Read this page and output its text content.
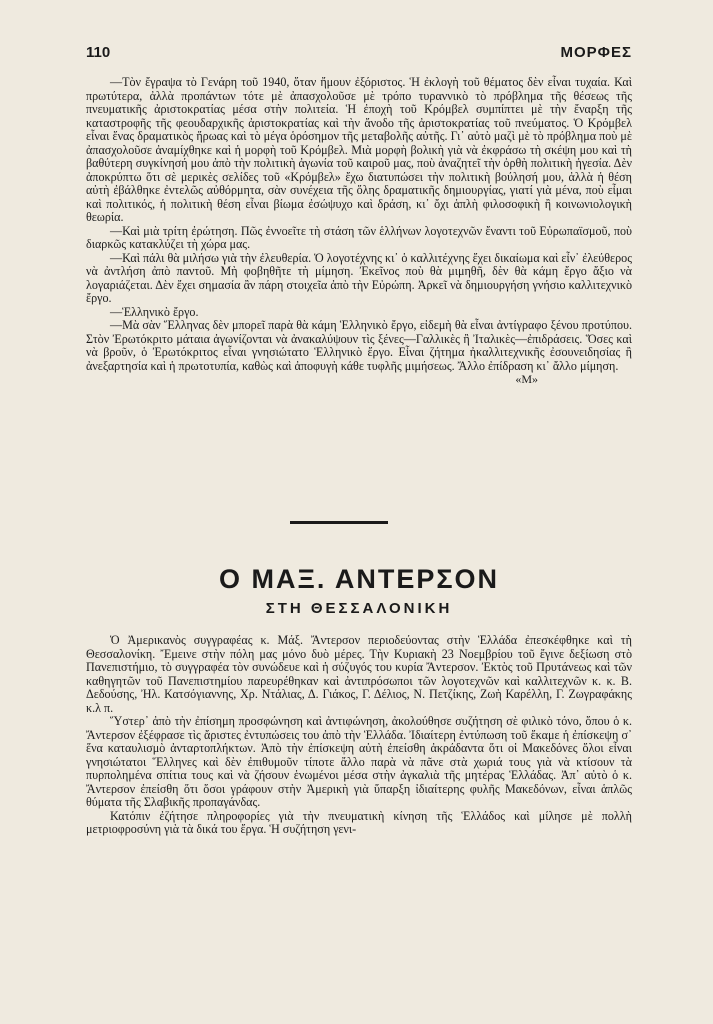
110	ΜΟΡΦΕΣ

—Τὸν ἔγραψα τὸ Γενάρη τοῦ 1940, ὅταν ἤμουν ἐξόριστος. Ἡ ἐκλογὴ τοῦ θέματος δὲν εἶναι τυχαία. Καὶ πρωτύτερα, ἀλλὰ προπάντων τότε μὲ ἀπασχολοῦσε μὲ τρόπο τυραννικὸ τὸ πρόβλημα τῆς θέσεως τῆς πνευματικῆς ἀριστοκρατίας μέσα στὴν πολιτεία. Ἡ ἐποχὴ τοῦ Κρόμβελ συμπίπτει μὲ τὴν ἔναρξη τῆς καταστροφῆς τῆς φεουδαρχικῆς ἀριστοκρατίας καὶ τὴν ἄνοδο τῆς ἀριστοκρατίας τοῦ πνεύματος. Ὁ Κρόμβελ εἶναι ἕνας δραματικὸς ἥρωας καὶ τὸ μέγα ὁρόσημον τῆς μεταβολῆς αὐτῆς. Γι᾿ αὐτὸ μαζὶ μὲ τὸ πρόβλημα ποὺ μὲ ἀπασχολοῦσε ἀναμίχθηκε καὶ ἡ μορφὴ τοῦ Κρόμβελ. Μιὰ μορφὴ βολικὴ γιὰ νὰ ἐκφράσω τὴ σκέψη μου καὶ τὴ βαθύτερη συγκίνησή μου ἀπὸ τὴν πολιτικὴ ἀγωνία τοῦ καιροῦ μας, ποὺ ἀναζητεῖ τὴν ὀρθὴ πολιτικὴ ἡγεσία. Δὲν ἀποκρύπτω ὅτι σὲ μερικὲς σελίδες τοῦ «Κρόμβελ» ἔχω διατυπώσει τὴν πολιτικὴ βούλησή μου, ἀλλὰ ἡ θέση αὐτὴ ἐβάλθηκε ἐντελῶς αὐθόρμητα, σὰν συνέχεια τῆς ὅλης δραματικῆς δημιουργίας, γιατί γιὰ μένα, ποὺ εἶμαι καὶ πολιτικός, ἡ πολιτικὴ θέση εἶναι βίωμα ἐσώψυχο καὶ δράση, κι᾿ ὄχι ἁπλὴ φιλοσοφικὴ ἢ κοινωνιολογικὴ θεωρία.

—Καὶ μιὰ τρίτη ἐρώτηση. Πῶς ἐννοεῖτε τὴ στάση τῶν ἑλλήνων λογοτεχνῶν ἔναντι τοῦ Εὐρωπαϊσμοῦ, ποὺ διαρκῶς κατακλύζει τὴ χώρα μας.

—Καὶ πάλι θὰ μιλήσω γιὰ τὴν ἐλευθερία. Ὁ λογοτέχνης κι᾿ ὁ καλλιτέχνης ἔχει δικαίωμα καὶ εἶν᾿ ἐλεύθερος νὰ ἀντλήση ἀπὸ παντοῦ. Μὴ φοβηθῆτε τὴ μίμηση. Ἐκεῖνος ποὺ θὰ μιμηθῆ, δὲν θὰ κάμη ἔργο ἄξιο νὰ λογαριάζεται. Δὲν ἔχει σημασία ἂν πάρη στοιχεῖα ἀπὸ τὴν Εὐρώπη. Ἀρκεῖ νὰ δημιουργήση γνήσιο καλλιτεχνικὸ ἔργο.

—Ἑλληνικὸ ἔργο.

—Μὰ σὰν Ἕλληνας δὲν μπορεῖ παρὰ θὰ κάμη Ἑλληνικὸ ἔργο, εἰδεμὴ θὰ εἶναι ἀντίγραφο ξένου προτύπου. Στὸν Ἐρωτόκριτο μάταια ἀγωνίζονται νὰ ἀνακαλύψουν τὶς ξένες—Γαλλικὲς ἢ Ἰταλικὲς—ἐπιδράσεις. Ὅσες καὶ νὰ βροῦν, ὁ Ἐρωτόκριτος εἶναι γνησιώτατο Ἑλληνικὸ ἔργο. Εἶναι ζήτημα ἠκαλλιτεχνικῆς ἐσουνειδησίας ἢ ἀνεξαρτησία καὶ ἡ πρωτοτυπία, καθὼς καὶ ἀποφυγὴ κάθε τυφλῆς μιμήσεως. Ἄλλο ἐπίδραση κι᾿ ἄλλο μίμηση.

«Μ»

Ο ΜΑΞ. ΑΝΤΕΡΣΟΝ
ΣΤΗ ΘΕΣΣΑΛΟΝΙΚΗ

Ὁ Ἀμερικανὸς συγγραφέας κ. Μάξ. Ἄντερσον περιοδεύοντας στὴν Ἑλλάδα ἐπεσκέφθηκε καὶ τὴ Θεσσαλονίκη. Ἔμεινε στὴν πόλη μας μόνο δυὸ μέρες. Τὴν Κυριακὴ 23 Νοεμβρίου τοῦ ἔγινε δεξίωση στὸ Πανεπιστήμιο, τὸ συγγραφέα τὸν συνώδευε καὶ ἡ σύζυγός του κυρία Ἄντερσον. Ἐκτὸς τοῦ Πρυτάνεως καὶ τῶν καθηγητῶν τοῦ Πανεπιστημίου παρευρέθηκαν καὶ ἀντιπρόσωποι τῶν λογοτεχνῶν καὶ καλλιτεχνῶν κ. κ. Β. Δεδούσης, Ἠλ. Κατσόγιαννης, Χρ. Ντάλιας, Δ. Γιάκος, Γ. Δέλιος, Ν. Πετζίκης, Ζωὴ Καρέλλη, Γ. Ζωγραφάκης κ.λ π.

Ὕστερ᾿ ἀπὸ τὴν ἐπίσημη προσφώνηση καὶ ἀντιφώνηση, ἀκολούθησε συζήτηση σὲ φιλικὸ τόνο, ὅπου ὁ κ. Ἄντερσον ἐξέφρασε τὶς ἄριστες ἐντυπώσεις του ἀπὸ τὴν Ἑλλάδα. Ἰδιαίτερη ἐντύπωση τοῦ ἔκαμε ἡ ἐπίσκεψη σ᾿ ἕνα καταυλισμὸ ἀνταρτοπλήκτων. Ἀπὸ τὴν ἐπίσκεψη αὐτὴ ἐπείσθη ἀκράδαντα ὅτι οἱ Μακεδόνες ὅλοι εἶναι γνησιώτατοι Ἕλληνες καὶ δὲν ἐπιθυμοῦν τίποτε ἄλλο παρὰ νὰ πᾶνε στὰ χωριά τους γιὰ νὰ κτίσουν τὰ πυρπολημένα σπίτια τους καὶ νὰ ζήσουν ἑνωμένοι μέσα στὴν ἀγκαλιὰ τῆς μητέρας Ἑλλάδας. Ἀπ᾿ αὐτὸ ὁ κ. Ἄντερσον ἐπείσθη ὅτι ὅσοι γράφουν στὴν Ἀμερικὴ γιὰ ὕπαρξη ἰδιαίτερης φυλῆς Μακεδόνων, εἶναι ἁπλῶς θύματα τῆς Σλαβικῆς προπαγάνδας.

Κατόπιν ἐζήτησε πληροφορίες γιὰ τὴν πνευματικὴ κίνηση τῆς Ἑλλάδος καὶ μίλησε μὲ πολλὴ μετριοφροσύνη γιὰ τὰ δικά του ἔργα. Ἡ συζήτηση γενι-
